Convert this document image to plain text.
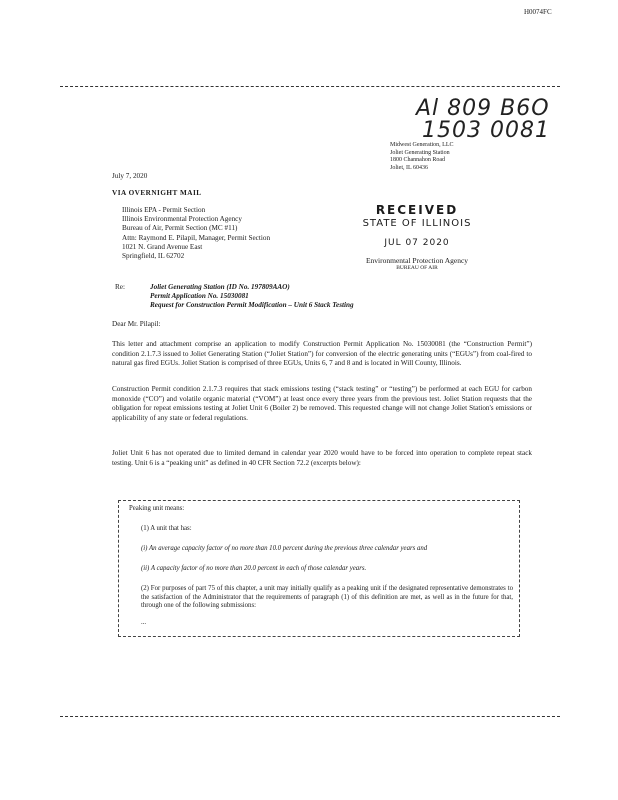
H0074FC
Al 809 B6O
1503 0081
Midwest Generation, LLC
Joliet Generating Station
1800 Channahon Road
Joliet, IL 60436
July 7, 2020
VIA OVERNIGHT MAIL
Illinois EPA - Permit Section
Illinois Environmental Protection Agency
Bureau of Air, Permit Section (MC #11)
Attn: Raymond E. Pilapil, Manager, Permit Section
1021 N. Grand Avenue East
Springfield, IL 62702
RECEIVED
STATE OF ILLINOIS
JUL 07 2020
Environmental Protection Agency
BUREAU OF AIR
Re:	Joliet Generating Station (ID No. 197809AAO)
Permit Application No. 15030081
Request for Construction Permit Modification – Unit 6 Stack Testing
Dear Mr. Pilapil:
This letter and attachment comprise an application to modify Construction Permit Application No. 15030081 (the “Construction Permit”) condition 2.1.7.3 issued to Joliet Generating Station (“Joliet Station”) for conversion of the electric generating units (“EGUs”) from coal-fired to natural gas fired EGUs. Joliet Station is comprised of three EGUs, Units 6, 7 and 8 and is located in Will County, Illinois.
Construction Permit condition 2.1.7.3 requires that stack emissions testing (“stack testing” or “testing”) be performed at each EGU for carbon monoxide (“CO”) and volatile organic material (“VOM”) at least once every three years from the previous test. Joliet Station requests that the obligation for repeat emissions testing at Joliet Unit 6 (Boiler 2) be removed. This requested change will not change Joliet Station's emissions or applicability of any state or federal regulations.
Joliet Unit 6 has not operated due to limited demand in calendar year 2020 would have to be forced into operation to complete repeat stack testing. Unit 6 is a “peaking unit” as defined in 40 CFR Section 72.2 (excerpts below):
Peaking unit means:
(1) A unit that has:
(i) An average capacity factor of no more than 10.0 percent during the previous three calendar years and
(ii) A capacity factor of no more than 20.0 percent in each of those calendar years.
(2) For purposes of part 75 of this chapter, a unit may initially qualify as a peaking unit if the designated representative demonstrates to the satisfaction of the Administrator that the requirements of paragraph (1) of this definition are met, as well as in the future for that, through one of the following submissions:
...
